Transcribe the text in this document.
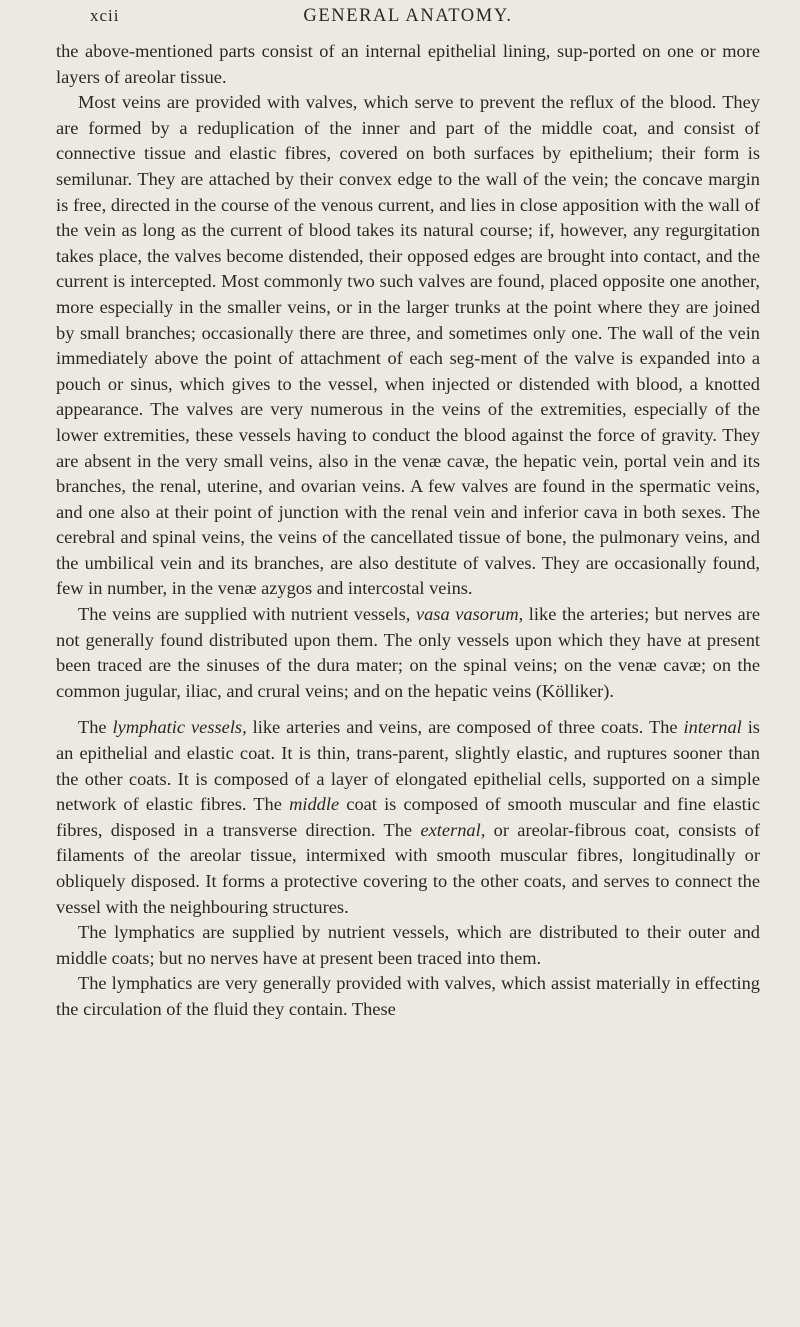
xcii	GENERAL ANATOMY.

the above-mentioned parts consist of an internal epithelial lining, sup-ported on one or more layers of areolar tissue.

Most veins are provided with valves, which serve to prevent the reflux of the blood. They are formed by a reduplication of the inner and part of the middle coat, and consist of connective tissue and elastic fibres, covered on both surfaces by epithelium; their form is semilunar. They are attached by their convex edge to the wall of the vein; the concave margin is free, directed in the course of the venous current, and lies in close apposition with the wall of the vein as long as the current of blood takes its natural course; if, however, any regurgitation takes place, the valves become distended, their opposed edges are brought into contact, and the current is intercepted. Most commonly two such valves are found, placed opposite one another, more especially in the smaller veins, or in the larger trunks at the point where they are joined by small branches; occasionally there are three, and sometimes only one. The wall of the vein immediately above the point of attachment of each seg-ment of the valve is expanded into a pouch or sinus, which gives to the vessel, when injected or distended with blood, a knotted appearance. The valves are very numerous in the veins of the extremities, especially of the lower extremities, these vessels having to conduct the blood against the force of gravity. They are absent in the very small veins, also in the venæ cavæ, the hepatic vein, portal vein and its branches, the renal, uterine, and ovarian veins. A few valves are found in the spermatic veins, and one also at their point of junction with the renal vein and inferior cava in both sexes. The cerebral and spinal veins, the veins of the cancellated tissue of bone, the pulmonary veins, and the umbilical vein and its branches, are also destitute of valves. They are occasionally found, few in number, in the venæ azygos and intercostal veins.

The veins are supplied with nutrient vessels, vasa vasorum, like the arteries; but nerves are not generally found distributed upon them. The only vessels upon which they have at present been traced are the sinuses of the dura mater; on the spinal veins; on the venæ cavæ; on the common jugular, iliac, and crural veins; and on the hepatic veins (Kölliker).

The lymphatic vessels, like arteries and veins, are composed of three coats. The internal is an epithelial and elastic coat. It is thin, trans-parent, slightly elastic, and ruptures sooner than the other coats. It is composed of a layer of elongated epithelial cells, supported on a simple network of elastic fibres. The middle coat is composed of smooth muscular and fine elastic fibres, disposed in a transverse direction. The external, or areolar-fibrous coat, consists of filaments of the areolar tissue, intermixed with smooth muscular fibres, longitudinally or obliquely disposed. It forms a protective covering to the other coats, and serves to connect the vessel with the neighbouring structures.

The lymphatics are supplied by nutrient vessels, which are distributed to their outer and middle coats; but no nerves have at present been traced into them.

The lymphatics are very generally provided with valves, which assist materially in effecting the circulation of the fluid they contain. These
